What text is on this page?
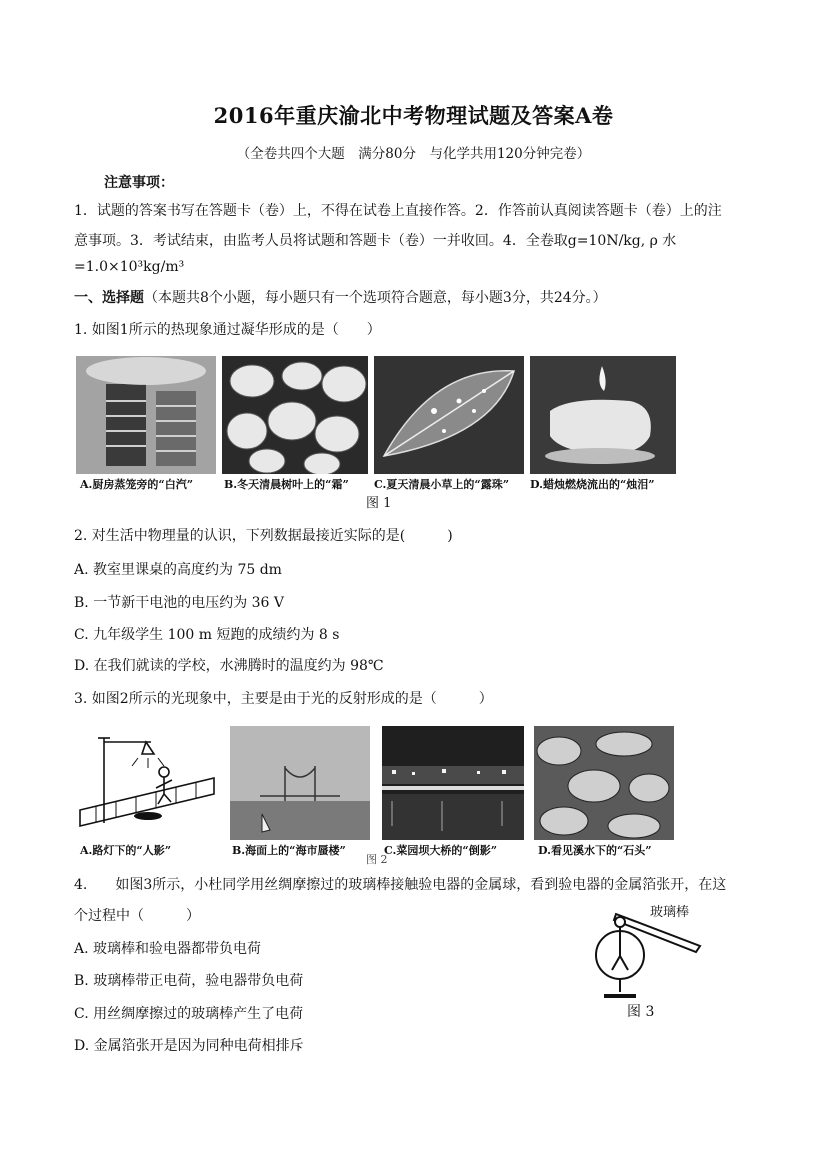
2016年重庆渝北中考物理试题及答案A卷
（全卷共四个大题　满分80分　与化学共用120分钟完卷）
注意事项：
1．试题的答案书写在答题卡（卷）上，不得在试卷上直接作答。2．作答前认真阅读答题卡（卷）上的注
意事项。3．考试结束，由监考人员将试题和答题卡（卷）一并收回。4．全卷取g=10N/kg, ρ 水
=1.0×10³kg/m³
一、选择题（本题共8个小题，每小题只有一个选项符合题意，每小题3分，共24分。）
1. 如图1所示的热现象通过凝华形成的是（　　）
A.厨房蒸笼旁的“白汽”	B.冬天清晨树叶上的“霜” C.夏天清晨小草上的“露珠” D.蜡烛燃烧流出的“烛泪”
图 1
2. 对生活中物理量的认识，下列数据最接近实际的是(　　　)
A. 教室里课桌的高度约为 75 dm
B. 一节新干电池的电压约为 36 V
C. 九年级学生 100 m 短跑的成绩约为 8 s
D. 在我们就读的学校，水沸腾时的温度约为 98℃
3. 如图2所示的光现象中，主要是由于光的反射形成的是（　　　）
A.路灯下的“人影”	B.海面上的“海市蜃楼”	C.菜园坝大桥的“倒影”	D.看见溪水下的“石头”
图 2
4.　　如图3所示，小杜同学用丝绸摩擦过的玻璃棒接触验电器的金属球，看到验电器的金属箔张开，在这
个过程中（　　　）
A. 玻璃棒和验电器都带负电荷
B. 玻璃棒带正电荷，验电器带负电荷
C. 用丝绸摩擦过的玻璃棒产生了电荷
D. 金属箔张开是因为同种电荷相排斥
玻璃棒
图 3
